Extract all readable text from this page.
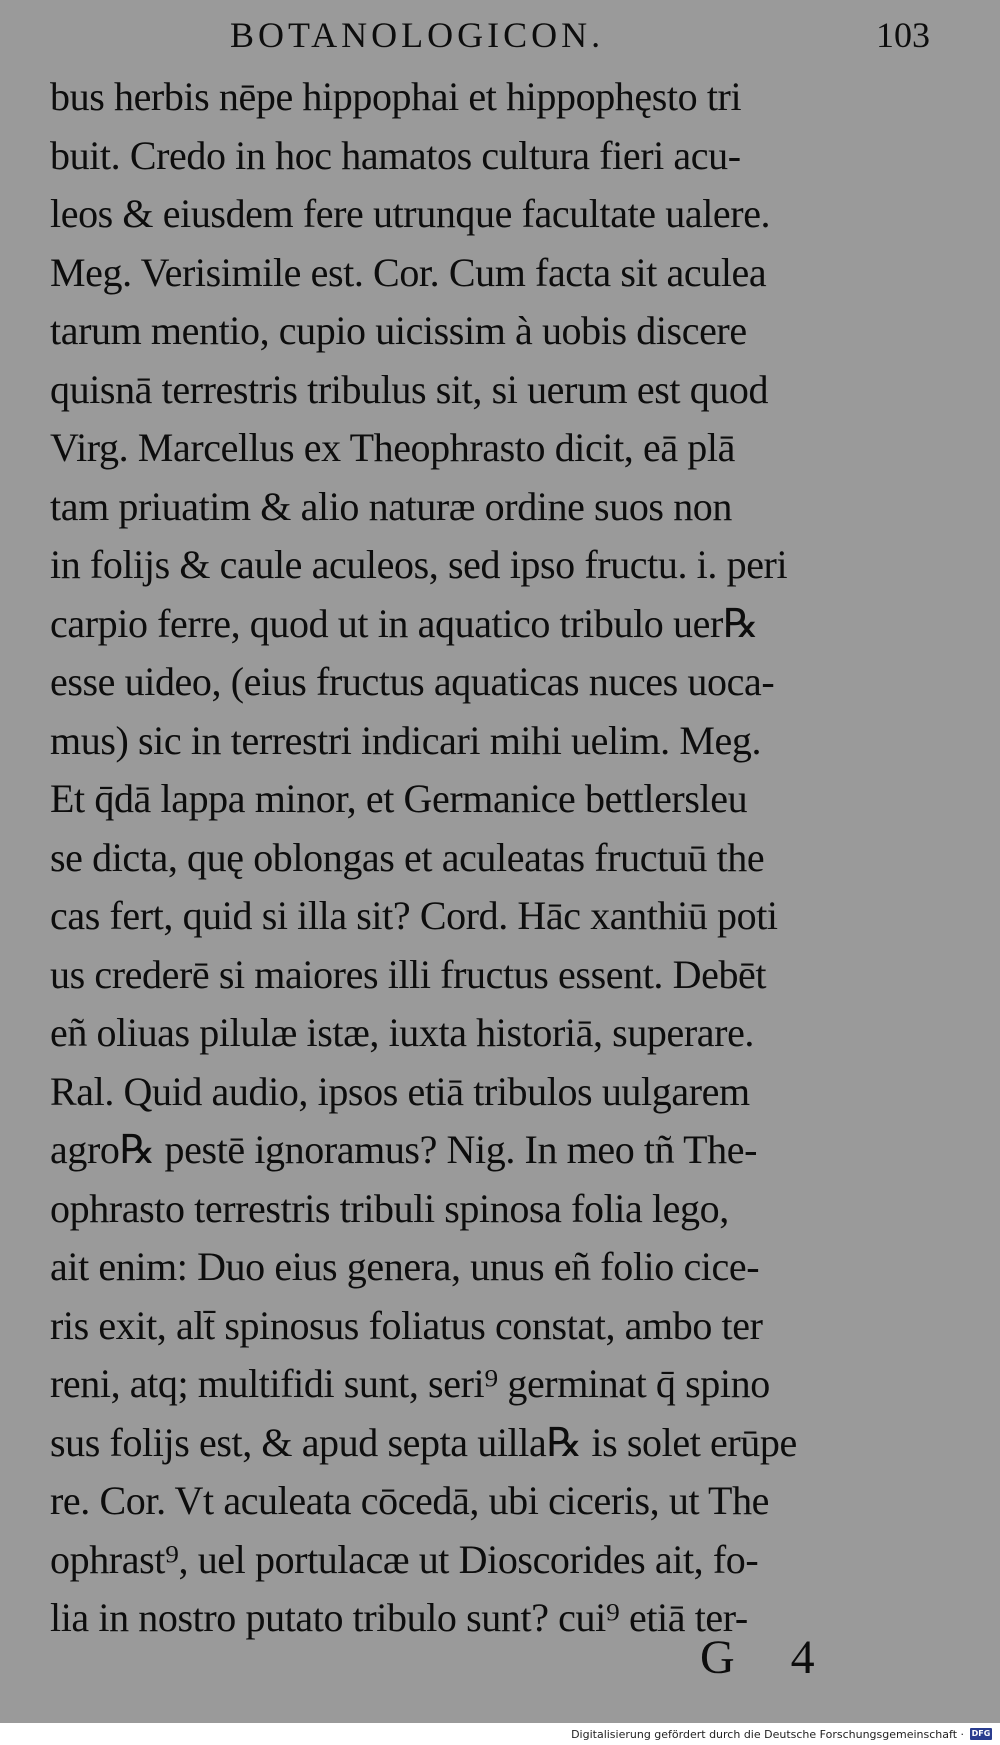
BOTANOLOGICON.	103
bus herbis nēpe hippophai et hippophęsto tri
buit. Credo in hoc hamatos cultura fieri acu-
leos & eiusdem fere utrunque facultate ualere.
Meg. Verisimile est. Cor. Cum facta sit aculea
tarum mentio, cupio uicissim à uobis discere
quisnā terrestris tribulus sit, si uerum est quod
Virg. Marcellus ex Theophrasto dicit, eā plā
tam priuatim & alio naturæ ordine suos non
in folijs & caule aculeos, sed ipso fructu. i. peri
carpio ferre, quod ut in aquatico tribulo uer℞
esse uideo, (eius fructus aquaticas nuces uoca-
mus) sic in terrestri indicari mihi uelim. Meg.
Et q̄dā lappa minor, et Germanice bettlersleu
se dicta, quę oblongas et aculeatas fructuū the
cas fert, quid si illa sit? Cord. Hāc xanthiū poti
us crederē si maiores illi fructus essent. Debēt
eñ oliuas pilulæ istæ, iuxta historiā, superare.
Ral. Quid audio, ipsos etiā tribulos uulgarem
agro℞ pestē ignoramus? Nig. In meo tñ The-
ophrasto terrestris tribuli spinosa folia lego,
ait enim: Duo eius genera, unus eñ folio cice-
ris exit, alt̄ spinosus foliatus constat, ambo ter
reni, atq; multifidi sunt, seri⁹ germinat q̄ spino
sus folijs est, & apud septa uilla℞ is solet erūpe
re. Cor. Vt aculeata cōcedā, ubi ciceris, ut The
ophrast⁹, uel portulacæ ut Dioscorides ait, fo-
lia in nostro putato tribulo sunt? cui⁹ etiā ter-
G 4
Digitalisierung gefördert durch die Deutsche Forschungsgemeinschaft · DFG
